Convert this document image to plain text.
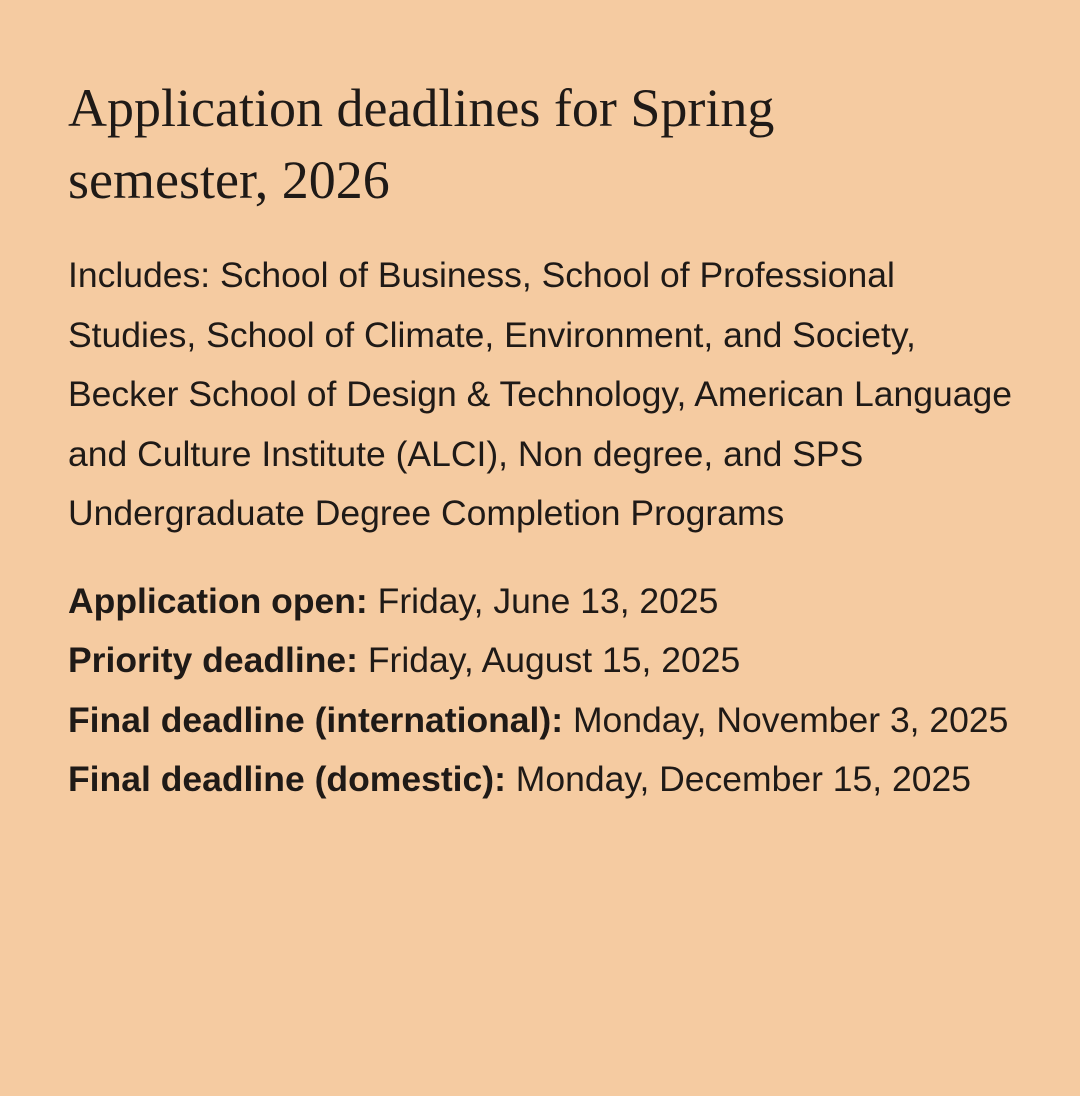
Application deadlines for Spring semester, 2026

Includes: School of Business, School of Professional Studies, School of Climate, Environment, and Society, Becker School of Design & Technology, American Language and Culture Institute (ALCI), Non degree, and SPS Undergraduate Degree Completion Programs

Application open: Friday, June 13, 2025
Priority deadline: Friday, August 15, 2025
Final deadline (international): Monday, November 3, 2025
Final deadline (domestic): Monday, December 15, 2025
